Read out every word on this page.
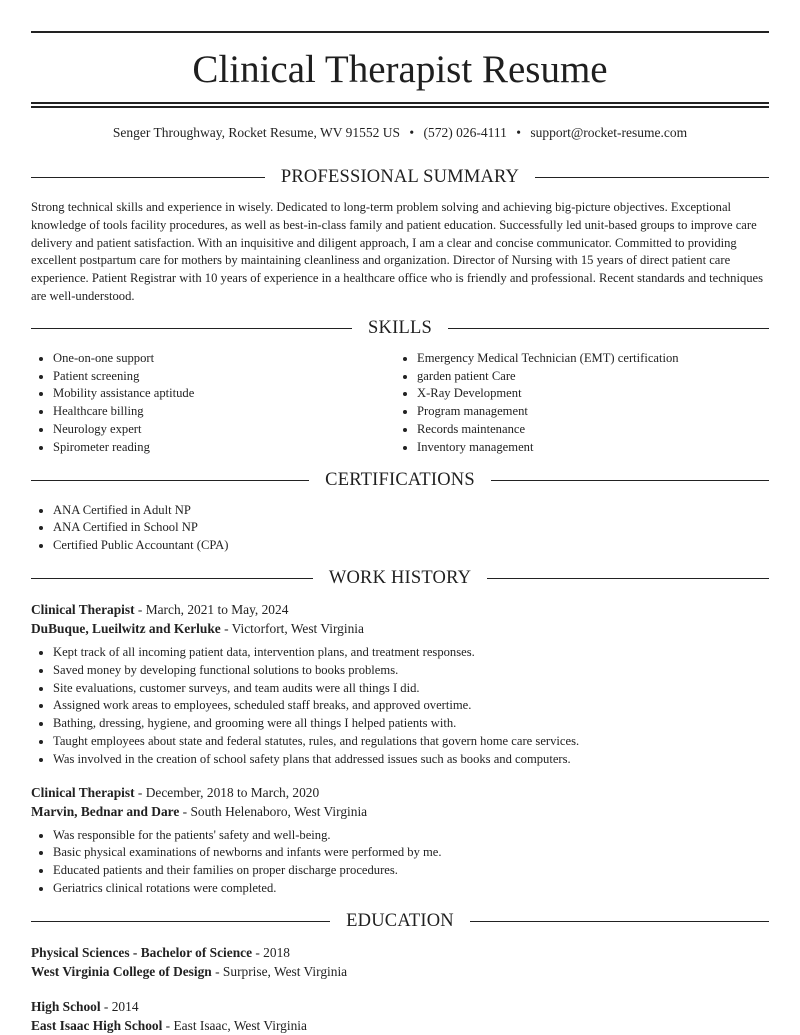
Clinical Therapist Resume
Senger Throughway, Rocket Resume, WV 91552 US • (572) 026-4111 • support@rocket-resume.com
PROFESSIONAL SUMMARY
Strong technical skills and experience in wisely. Dedicated to long-term problem solving and achieving big-picture objectives. Exceptional knowledge of tools facility procedures, as well as best-in-class family and patient education. Successfully led unit-based groups to improve care delivery and patient satisfaction. With an inquisitive and diligent approach, I am a clear and concise communicator. Committed to providing excellent postpartum care for mothers by maintaining cleanliness and organization. Director of Nursing with 15 years of direct patient care experience. Patient Registrar with 10 years of experience in a healthcare office who is friendly and professional. Recent standards and techniques are well-understood.
SKILLS
• One-on-one support
• Patient screening
• Mobility assistance aptitude
• Healthcare billing
• Neurology expert
• Spirometer reading
• Emergency Medical Technician (EMT) certification
• garden patient Care
• X-Ray Development
• Program management
• Records maintenance
• Inventory management
CERTIFICATIONS
• ANA Certified in Adult NP
• ANA Certified in School NP
• Certified Public Accountant (CPA)
WORK HISTORY
Clinical Therapist - March, 2021 to May, 2024
DuBuque, Lueilwitz and Kerluke - Victorfort, West Virginia
• Kept track of all incoming patient data, intervention plans, and treatment responses.
• Saved money by developing functional solutions to books problems.
• Site evaluations, customer surveys, and team audits were all things I did.
• Assigned work areas to employees, scheduled staff breaks, and approved overtime.
• Bathing, dressing, hygiene, and grooming were all things I helped patients with.
• Taught employees about state and federal statutes, rules, and regulations that govern home care services.
• Was involved in the creation of school safety plans that addressed issues such as books and computers.
Clinical Therapist - December, 2018 to March, 2020
Marvin, Bednar and Dare - South Helenaboro, West Virginia
• Was responsible for the patients' safety and well-being.
• Basic physical examinations of newborns and infants were performed by me.
• Educated patients and their families on proper discharge procedures.
• Geriatrics clinical rotations were completed.
EDUCATION
Physical Sciences - Bachelor of Science - 2018
West Virginia College of Design - Surprise, West Virginia
High School - 2014
East Isaac High School - East Isaac, West Virginia
